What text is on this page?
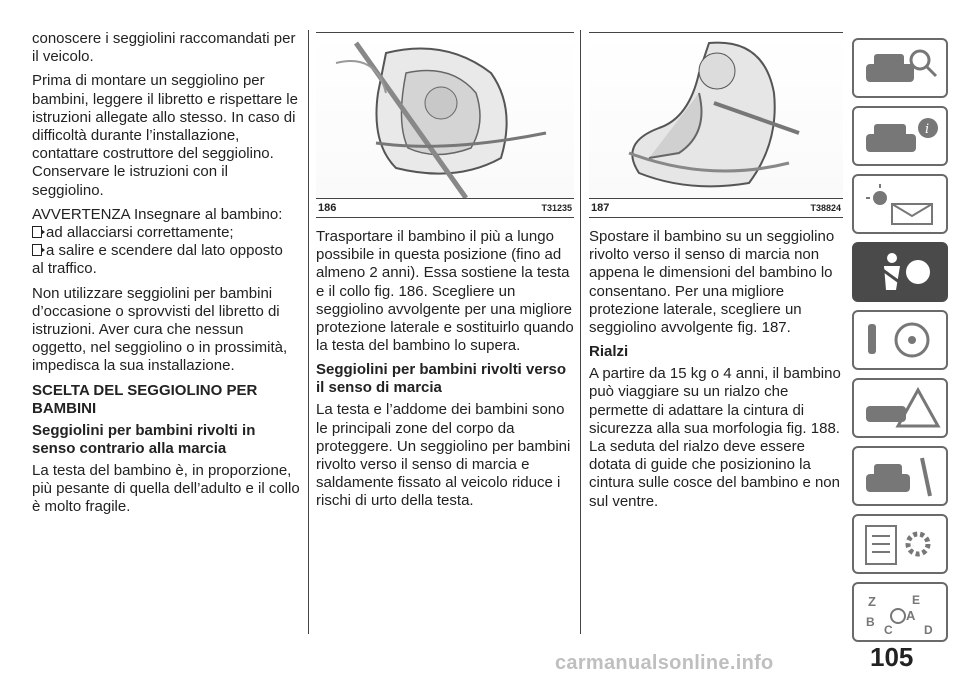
conoscere i seggiolini raccomandati per il veicolo.

Prima di montare un seggiolino per bambini, leggere il libretto e rispettare le istruzioni allegate allo stesso. In caso di difficoltà durante l’installazione, contattare costruttore del seggiolino. Conservare le istruzioni con il seggiolino.

AVVERTENZA Insegnare al bambino:

ad allacciarsi correttamente;

a salire e scendere dal lato opposto

al traffico.

Non utilizzare seggiolini per bambini d’occasione o sprovvisti del libretto di istruzioni. Aver cura che nessun oggetto, nel seggiolino o in prossimità, impedisca la sua installazione.

SCELTA DEL SEGGIOLINO PER BAMBINI
Seggiolini per bambini rivolti in senso contrario alla marcia

La testa del bambino è, in proporzione, più pesante di quella dell’adulto e il collo è molto fragile.

186	T31235

Trasportare il bambino il più a lungo possibile in questa posizione (fino ad almeno 2 anni). Essa sostiene la testa e il collo fig. 186. Scegliere un seggiolino avvolgente per una migliore protezione laterale e sostituirlo quando la testa del bambino lo supera.

Seggiolini per bambini rivolti verso il senso di marcia

La testa e l’addome dei bambini sono le principali zone del corpo da proteggere. Un seggiolino per bambini rivolto verso il senso di marcia e saldamente fissato al veicolo riduce i rischi di urto della testa.

187	T38824

Spostare il bambino su un seggiolino rivolto verso il senso di marcia non appena le dimensioni del bambino lo consentano. Per una migliore protezione laterale, scegliere un seggiolino avvolgente fig. 187.

Rialzi

A partire da 15 kg o 4 anni, il bambino può viaggiare su un rialzo che permette di adattare la cintura di sicurezza alla sua morfologia fig. 188. La seduta del rialzo deve essere dotata di guide che posizionino la cintura sulle cosce del bambino e non sul ventre.

i
Z	E
B A
C	D
carmanualsonline.info	105
